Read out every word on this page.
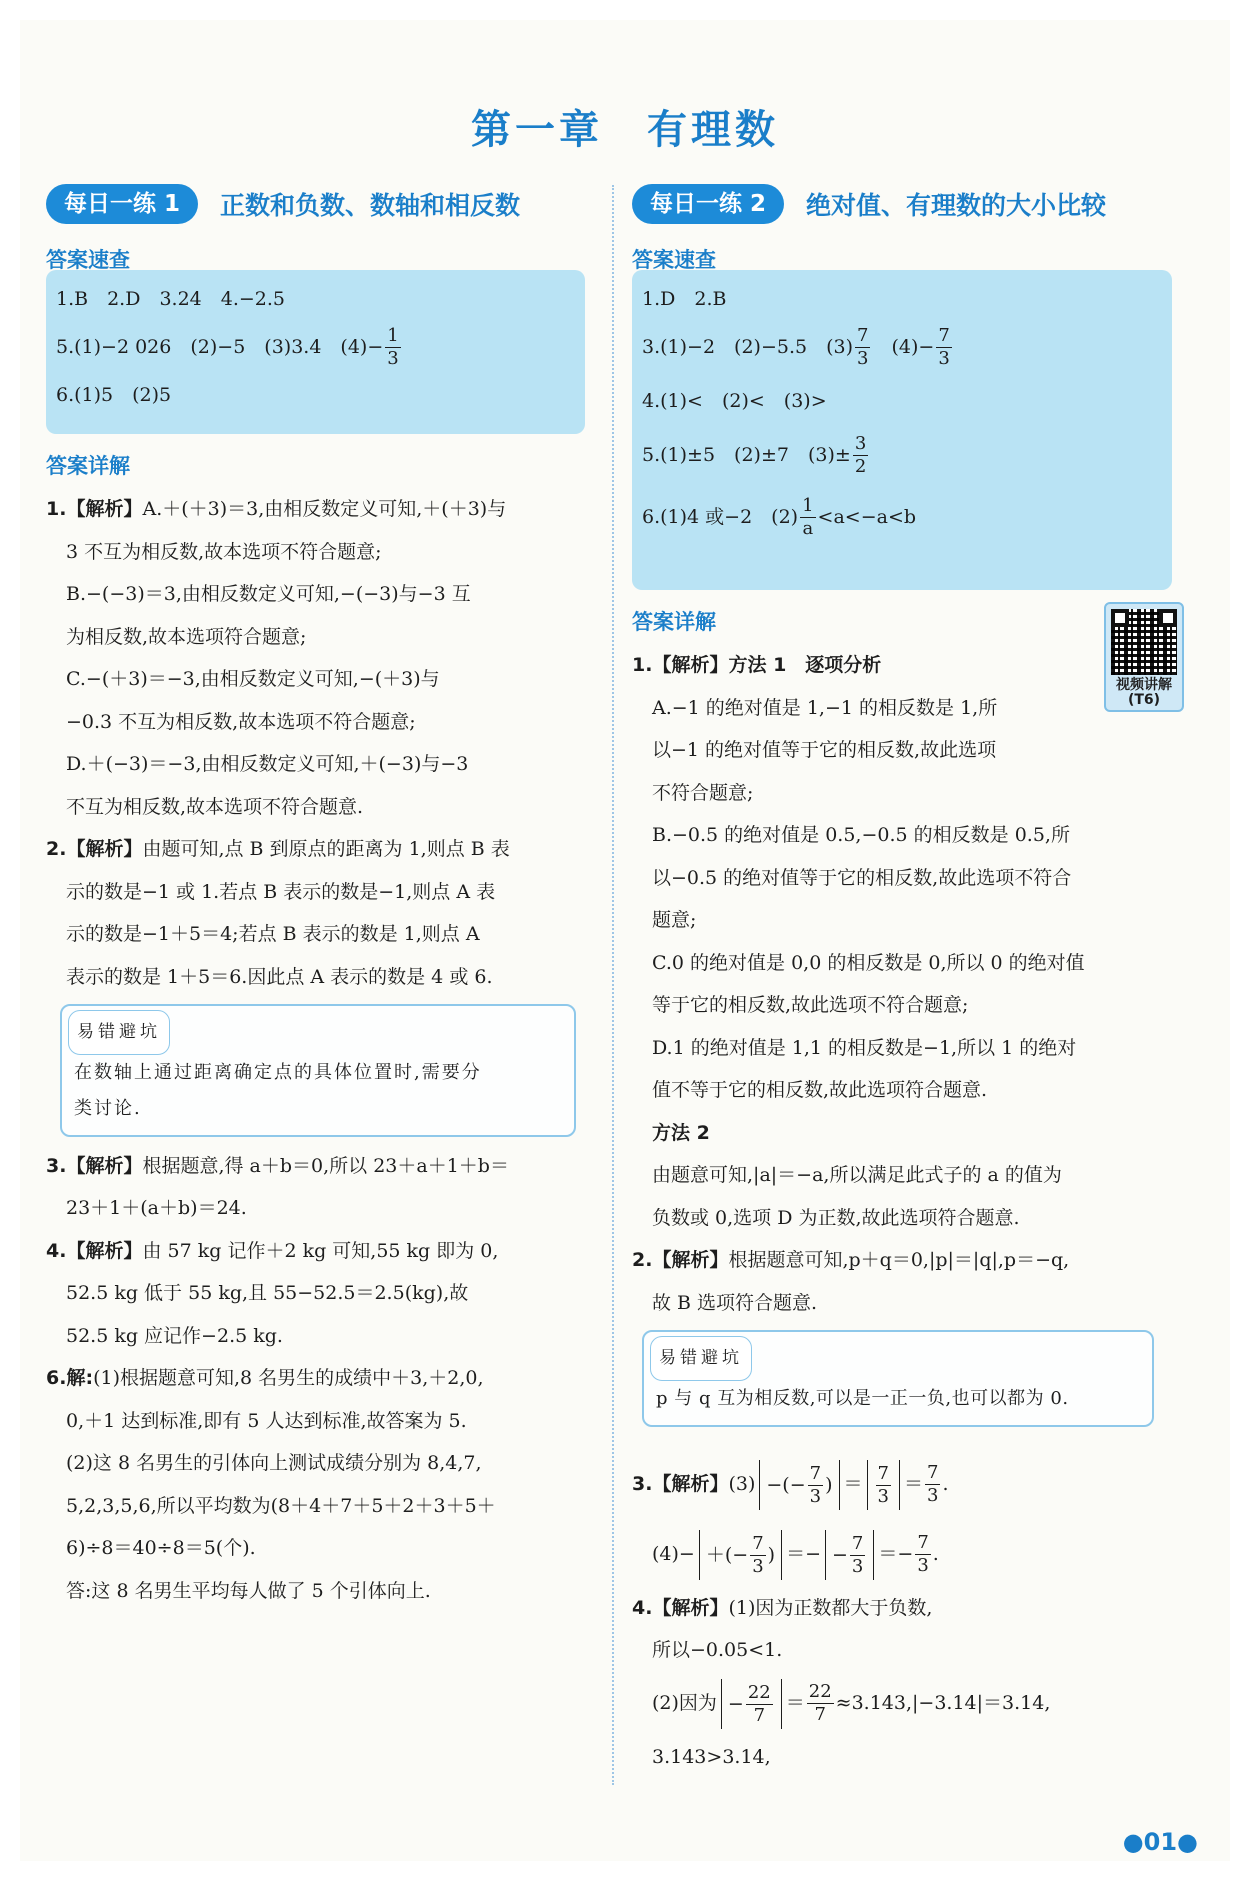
第一章　有理数
每日一练 1	正数和负数、数轴和相反数
答案速查
1.B　2.D　3.24　4.−2.5
5.(1)−2 026　(2)−5　(3)3.4　$(4)- \frac{1}{3}$
6.(1)5　(2)5
答案详解

1.【解析】A.＋(＋3)＝3,由相反数定义可知,＋(＋3)与

3 不互为相反数,故本选项不符合题意;

B.−(−3)＝3,由相反数定义可知,−(−3)与−3 互

为相反数,故本选项符合题意;

C.−(＋3)＝−3,由相反数定义可知,−(＋3)与

−0.3 不互为相反数,故本选项不符合题意;

D.＋(−3)＝−3,由相反数定义可知,＋(−3)与−3

不互为相反数,故本选项不符合题意.

2.【解析】由题可知,点 B 到原点的距离为 1,则点 B 表

示的数是−1 或 1.若点 B 表示的数是−1,则点 A 表

示的数是−1＋5＝4;若点 B 表示的数是 1,则点 A

表示的数是 1＋5＝6.因此点 A 表示的数是 4 或 6.

易错避坑
在数轴上通过距离确定点的具体位置时,需要分
类讨论.

3.【解析】根据题意,得 a＋b＝0,所以 23＋a＋1＋b＝

23＋1＋(a＋b)＝24.

4.【解析】由 57 kg 记作＋2 kg 可知,55 kg 即为 0,

52.5 kg 低于 55 kg,且 55−52.5＝2.5(kg),故

52.5 kg 应记作−2.5 kg.

6.解:(1)根据题意可知,8 名男生的成绩中＋3,＋2,0,

0,＋1 达到标准,即有 5 人达到标准,故答案为 5.

(2)这 8 名男生的引体向上测试成绩分别为 8,4,7,

5,2,3,5,6,所以平均数为(8＋4＋7＋5＋2＋3＋5＋

6)÷8＝40÷8＝5(个).

答:这 8 名男生平均每人做了 5 个引体向上.

每日一练 2	绝对值、有理数的大小比较
答案速查
1.D　2.B
3.(1)−2　(2)−5.5　$(3) \frac{7}{3}$ 　$(4)- \frac{7}{3}$
4.(1)<　(2)<　(3)>
5.(1)±5　(2)±7　$(3)\pm \frac{3}{2}$
6.(1)4 或−2　$(2) \frac{1}{a} <a<-a<b$
答案详解
视频讲解
(T6)

1.【解析】方法 1　逐项分析

A.−1 的绝对值是 1,−1 的相反数是 1,所

以−1 的绝对值等于它的相反数,故此选项

不符合题意;

B.−0.5 的绝对值是 0.5,−0.5 的相反数是 0.5,所

以−0.5 的绝对值等于它的相反数,故此选项不符合

题意;

C.0 的绝对值是 0,0 的相反数是 0,所以 0 的绝对值

等于它的相反数,故此选项不符合题意;

D.1 的绝对值是 1,1 的相反数是−1,所以 1 的绝对

值不等于它的相反数,故此选项符合题意.

方法 2

由题意可知,|a|＝−a,所以满足此式子的 a 的值为

负数或 0,选项 D 为正数,故此选项符合题意.

2.【解析】根据题意可知,p＋q＝0,|p|＝|q|,p＝−q,

故 B 选项符合题意.

易错避坑
p 与 q 互为相反数,可以是一正一负,也可以都为 0.

3. 【解析】 (3) −(− $\frac{7}{3}$ ) ＝ $\frac{7}{3} = \frac{7}{3}$ .

(4)− ＋(− $\frac{7}{3}$ ) ＝ − − $\frac{7}{3}$ ＝ − $\frac{7}{3}$ .

4.【解析】(1)因为正数都大于负数,

所以−0.05<1.

(2)因为 − $\frac{22}{7} = \frac{22}{7} \approx 3.143,|-3.14|=3.14$,

3.143>3.14,

●01●
